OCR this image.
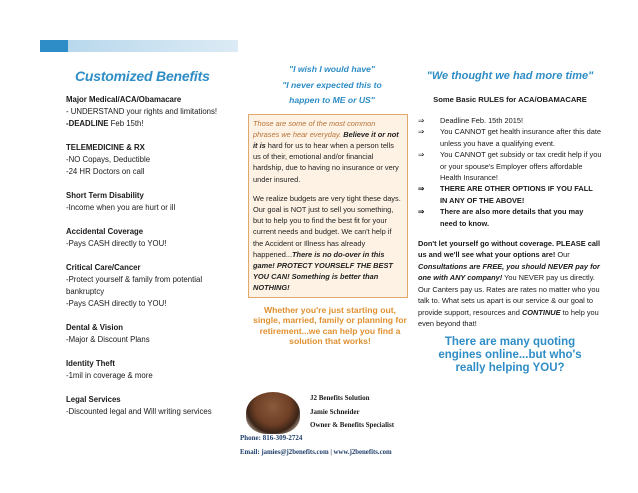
Customized Benefits
Major Medical/ACA/Obamacare
- UNDERSTAND your rights and limitations!
-DEADLINE Feb 15th!
TELEMEDICINE & RX
-NO Copays, Deductible
-24 HR Doctors on call
Short Term Disability
-Income when you are hurt or ill
Accidental Coverage
-Pays CASH directly to YOU!
Critical Care/Cancer
-Protect yourself & family from potential bankruptcy
-Pays CASH directly to YOU!
Dental & Vision
-Major & Discount Plans
Identity Theft
-1mil in coverage & more
Legal Services
-Discounted legal and Will writing services
"I wish I would have"
"I never expected this to
happen to ME or US"

Those are some of the most common phrases we hear everyday. Believe it or not it is hard for us to hear when a person tells us of their, emotional and/or financial hardship, due to having no insurance or very under insured.

We realize budgets are very tight these days. Our goal is NOT just to sell you something, but to help you to find the best fit for your current needs and budget. We can't help if the Accident or Illness has already happened...There is no do-over in this game! PROTECT YOURSELF THE BEST YOU CAN! Something is better than NOTHING!

Whether you're just starting out, single, married, family or planning for retirement...we can help you find a solution that works!
J2 Benefits Solution
Jamie Schneider
Owner & Benefits Specialist
Phone: 816-309-2724
Email: jamies@j2benefits.com | www.j2benefits.com
"We thought we had more time"
Some Basic RULES for ACA/OBAMACARE
⇒ Deadline Feb. 15th 2015!
⇒ You CANNOT get health insurance after this date unless you have a qualifying event.
⇒ You CANNOT get subsidy or tax credit help if you or your spouse's Employer offers affordable Health Insurance!
⇒ THERE ARE OTHER OPTIONS IF YOU FALL IN ANY OF THE ABOVE!
⇒ There are also more details that you may need to know.
Don't let yourself go without coverage. PLEASE call us and we'll see what your options are! Our Consultations are FREE, you should NEVER pay for one with ANY company! You NEVER pay us directly. Our Canters pay us. Rates are rates no matter who you talk to. What sets us apart is our service & our goal to provide support, resources and CONTINUE to help you even beyond that!
There are many quoting engines online...but who's really helping YOU?
